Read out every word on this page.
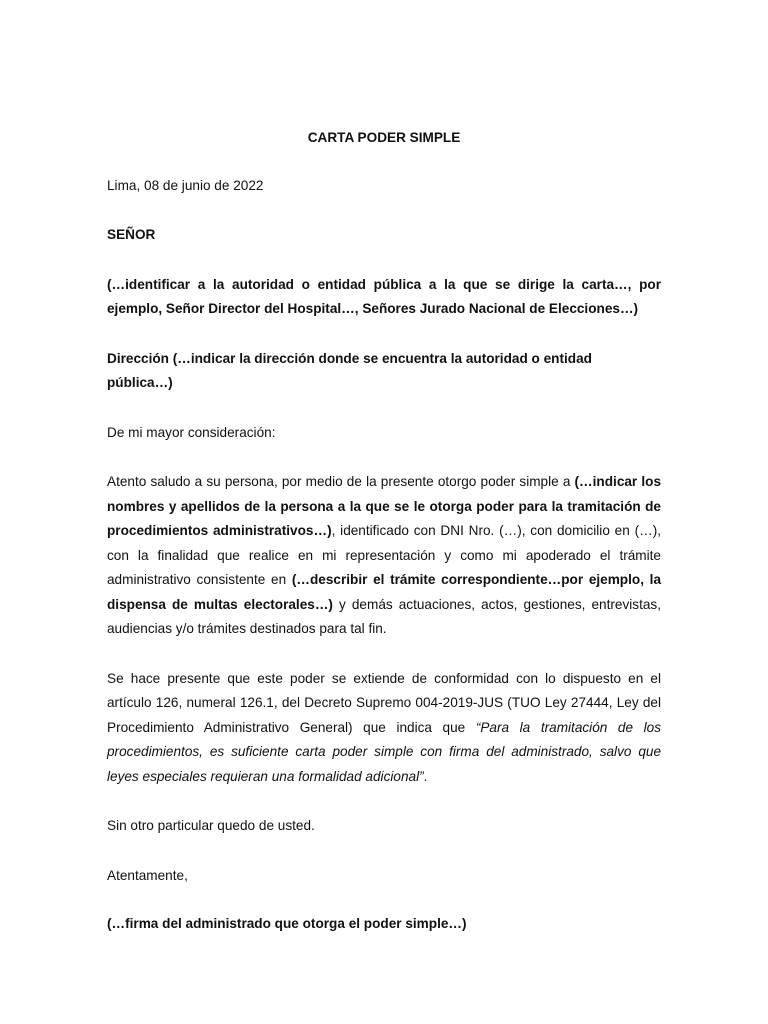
CARTA PODER SIMPLE
Lima, 08 de junio de 2022
SEÑOR
(…identificar a la autoridad o entidad pública a la que se dirige la carta…, por ejemplo, Señor Director del Hospital…, Señores Jurado Nacional de Elecciones…)
Dirección (…indicar la dirección donde se encuentra la autoridad o entidad pública…)
De mi mayor consideración:
Atento saludo a su persona, por medio de la presente otorgo poder simple a (…indicar los nombres y apellidos de la persona a la que se le otorga poder para la tramitación de procedimientos administrativos…), identificado con DNI Nro. (…), con domicilio en (…), con la finalidad que realice en mi representación y como mi apoderado el trámite administrativo consistente en (…describir el trámite correspondiente…por ejemplo, la dispensa de multas electorales…) y demás actuaciones, actos, gestiones, entrevistas, audiencias y/o trámites destinados para tal fin.
Se hace presente que este poder se extiende de conformidad con lo dispuesto en el artículo 126, numeral 126.1, del Decreto Supremo 004-2019-JUS (TUO Ley 27444, Ley del Procedimiento Administrativo General) que indica que “Para la tramitación de los procedimientos, es suficiente carta poder simple con firma del administrado, salvo que leyes especiales requieran una formalidad adicional”.
Sin otro particular quedo de usted.
Atentamente,
(…firma del administrado que otorga el poder simple…)
